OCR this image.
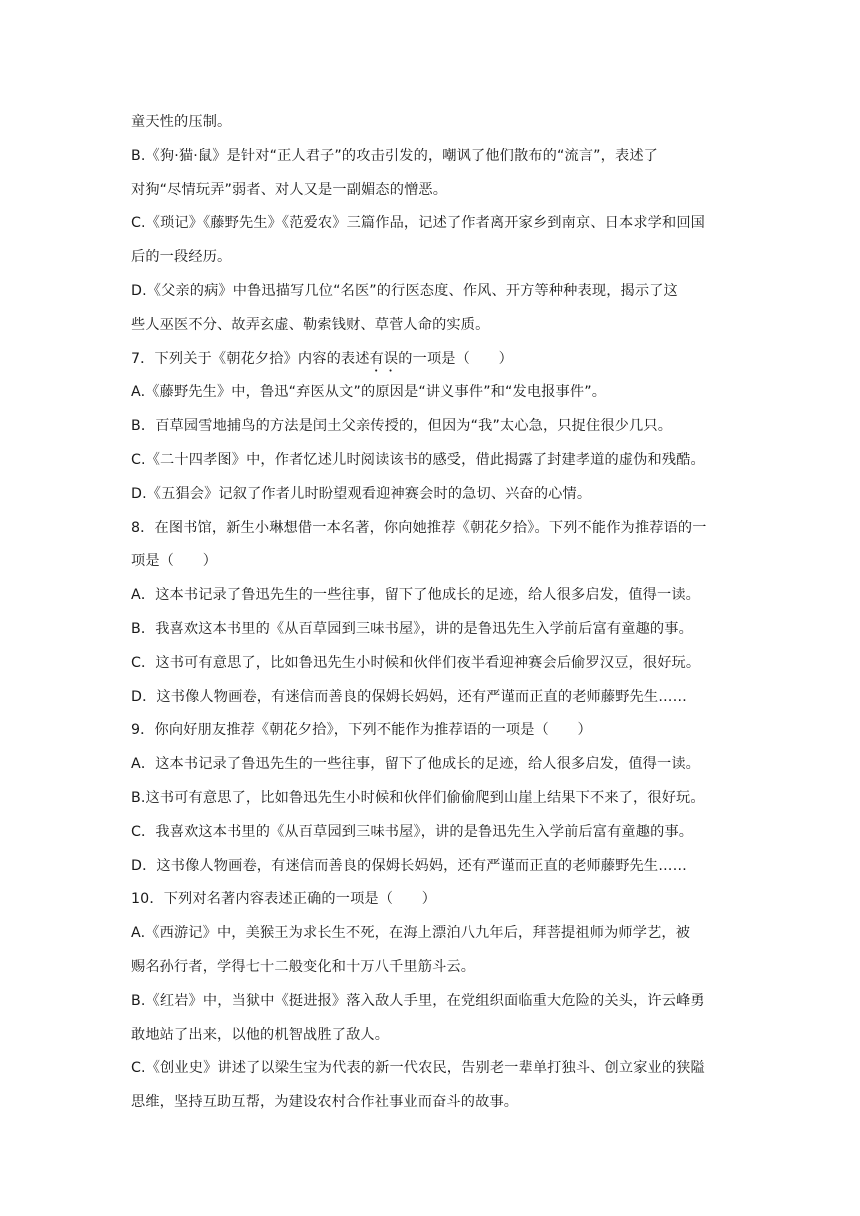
童天性的压制。
B.《狗·猫·鼠》是针对“正人君子”的攻击引发的，嘲讽了他们散布的“流言”，表述了
对狗“尽情玩弄”弱者、对人又是一副媚态的憎恶。
C.《琐记》《藤野先生》《范爱农》三篇作品，记述了作者离开家乡到南京、日本求学和回国
后的一段经历。
D.《父亲的病》中鲁迅描写几位“名医”的行医态度、作风、开方等种种表现，揭示了这
些人巫医不分、故弄玄虚、勒索钱财、草菅人命的实质。
7．下列关于《朝花夕拾》内容的表述有误的一项是（　　）
A.《藤野先生》中，鲁迅“弃医从文”的原因是“讲义事件”和“发电报事件”。
B．百草园雪地捕鸟的方法是闰土父亲传授的，但因为“我”太心急，只捉住很少几只。
C.《二十四孝图》中，作者忆述儿时阅读该书的感受，借此揭露了封建孝道的虚伪和残酷。
D.《五猖会》记叙了作者儿时盼望观看迎神赛会时的急切、兴奋的心情。
8．在图书馆，新生小琳想借一本名著，你向她推荐《朝花夕拾》。下列不能作为推荐语的一
项是（　　）
A．这本书记录了鲁迅先生的一些往事，留下了他成长的足迹，给人很多启发，值得一读。
B．我喜欢这本书里的《从百草园到三味书屋》，讲的是鲁迅先生入学前后富有童趣的事。
C．这书可有意思了，比如鲁迅先生小时候和伙伴们夜半看迎神赛会后偷罗汉豆，很好玩。
D．这书像人物画卷，有迷信而善良的保姆长妈妈，还有严谨而正直的老师藤野先生……
9．你向好朋友推荐《朝花夕拾》，下列不能作为推荐语的一项是（　　）
A．这本书记录了鲁迅先生的一些往事，留下了他成长的足迹，给人很多启发，值得一读。
B.这书可有意思了，比如鲁迅先生小时候和伙伴们偷偷爬到山崖上结果下不来了，很好玩。
C．我喜欢这本书里的《从百草园到三味书屋》，讲的是鲁迅先生入学前后富有童趣的事。
D．这书像人物画卷，有迷信而善良的保姆长妈妈，还有严谨而正直的老师藤野先生……
10．下列对名著内容表述正确的一项是（　　）
A.《西游记》中，美猴王为求长生不死，在海上漂泊八九年后，拜菩提祖师为师学艺，被
赐名孙行者，学得七十二般变化和十万八千里筋斗云。
B.《红岩》中，当狱中《挺进报》落入敌人手里，在党组织面临重大危险的关头，许云峰勇
敢地站了出来，以他的机智战胜了敌人。
C.《创业史》讲述了以梁生宝为代表的新一代农民，告别老一辈单打独斗、创立家业的狭隘
思维，坚持互助互帮，为建设农村合作社事业而奋斗的故事。
